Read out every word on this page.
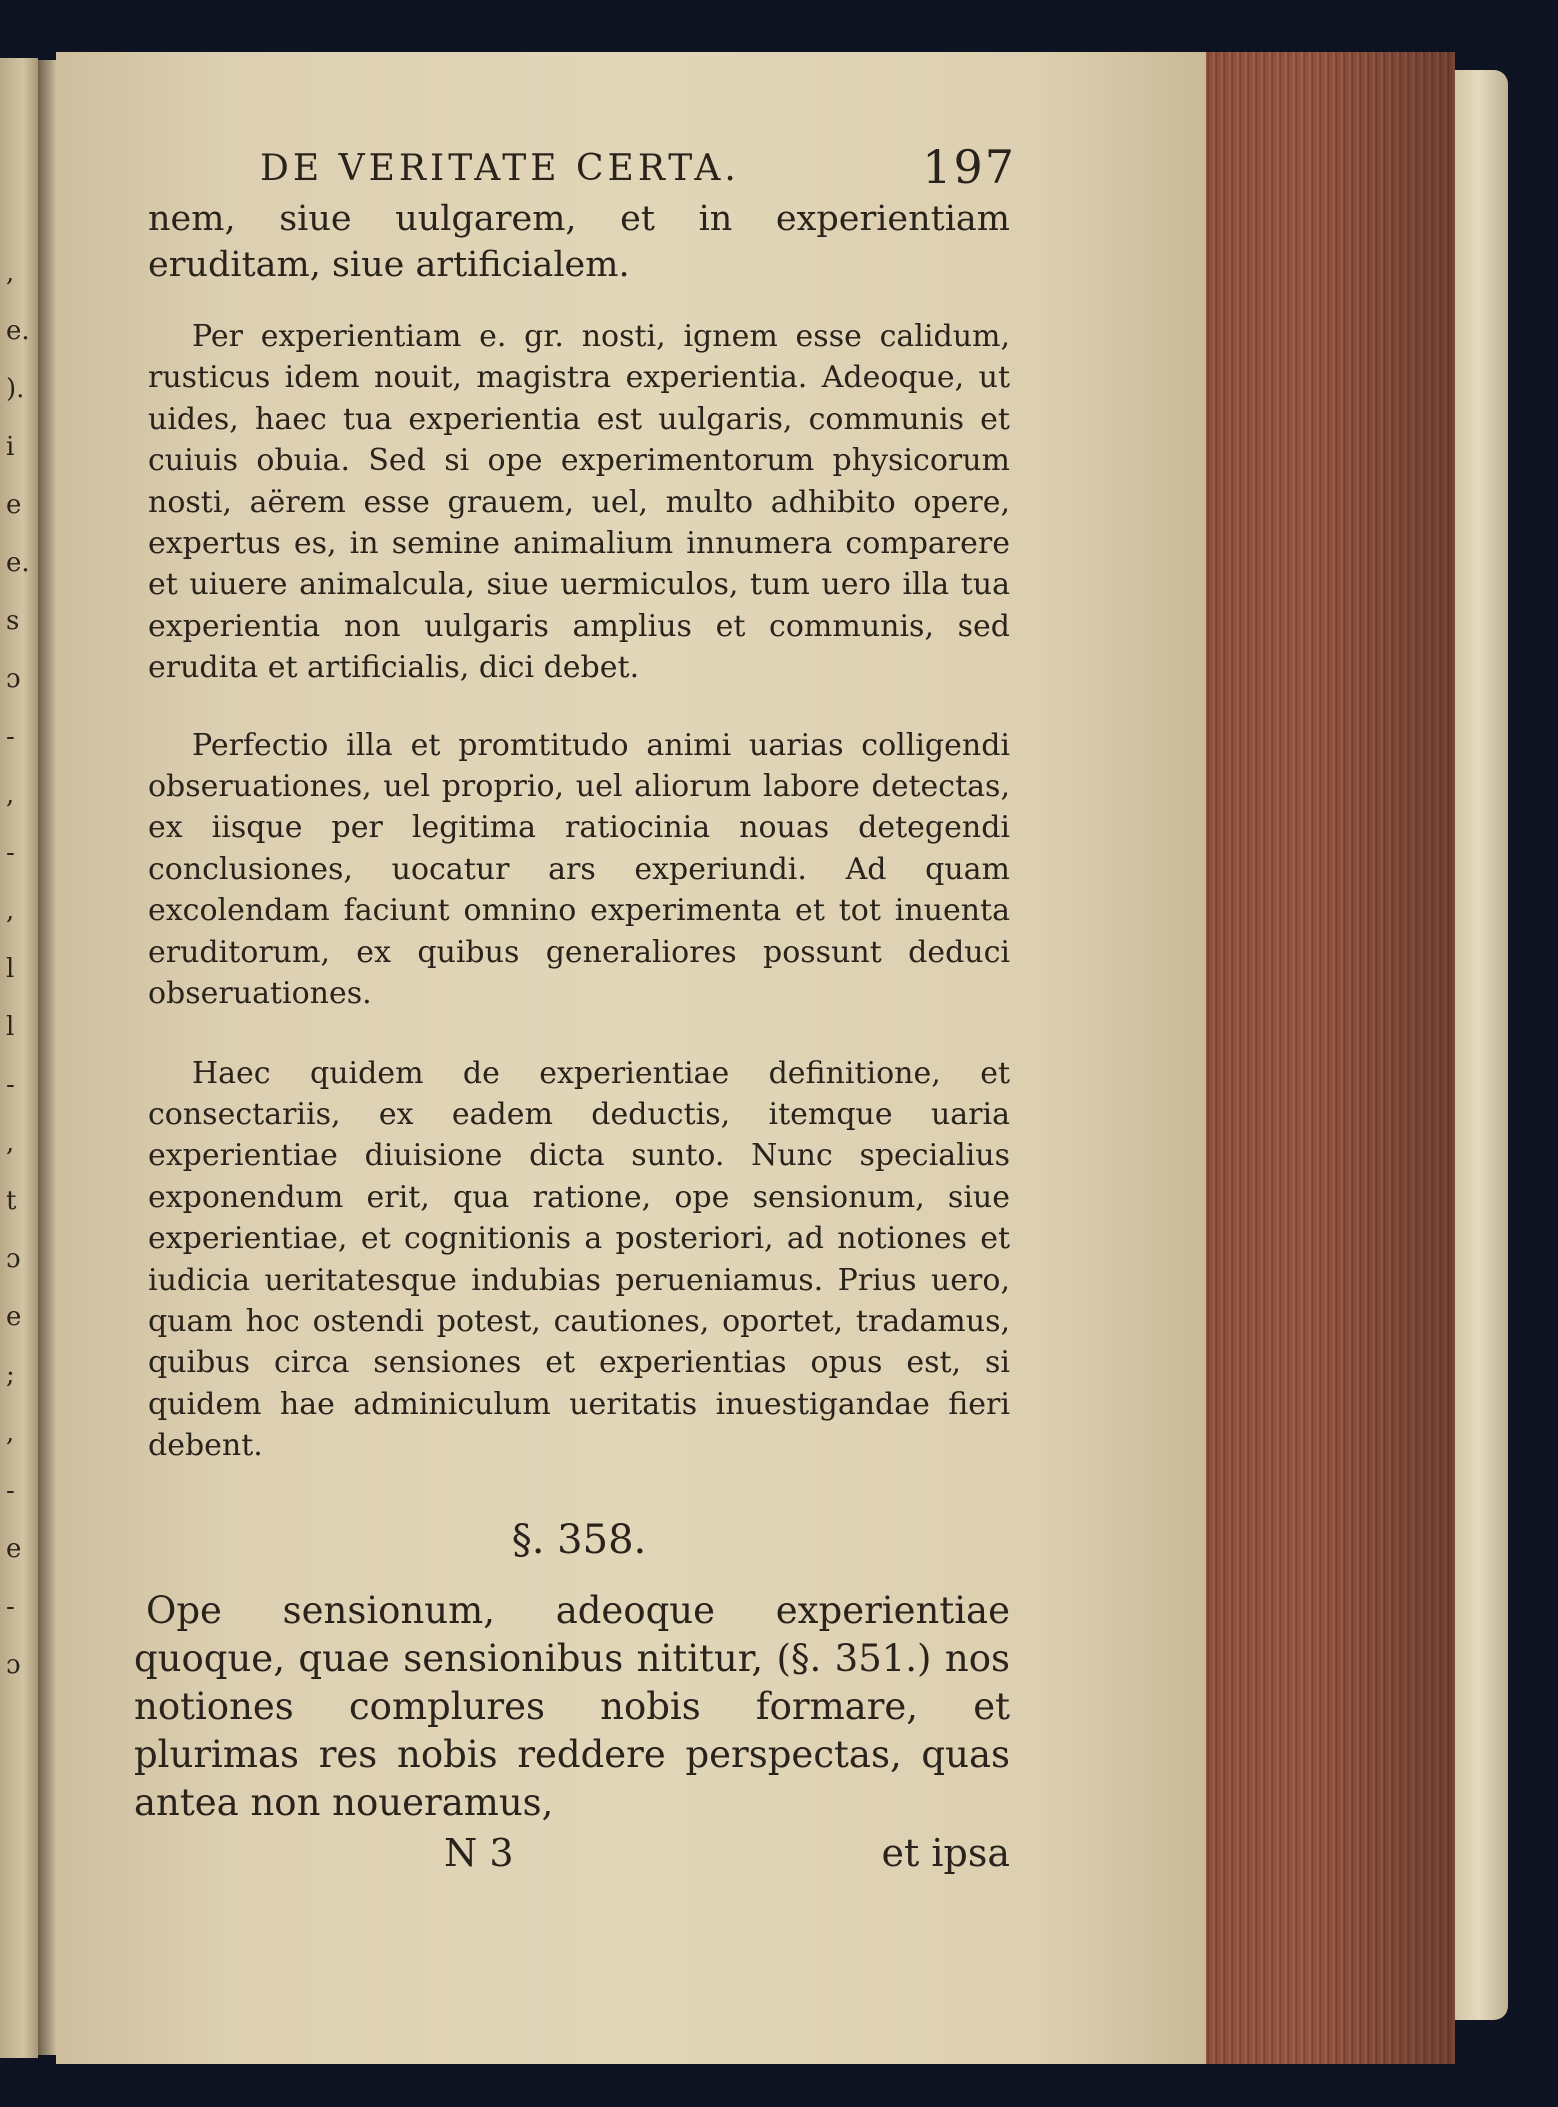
,
e.
).
i
e
e.
s
ɔ
-
,
-
,
l
l
-
,
t
ɔ
e
;
,
-
e
-
ɔ
DE VERITATE CERTA.	197

nem, siue uulgarem, et in experientiam eruditam, siue artificialem.

Per experientiam e. gr. nosti, ignem esse calidum, rusticus idem nouit, magistra experientia. Adeoque, ut uides, haec tua experientia est uulgaris, communis et cuiuis obuia. Sed si ope experimentorum physicorum nosti, aërem esse grauem, uel, multo adhibito opere, expertus es, in semine animalium innumera comparere et uiuere animalcula, siue uermiculos, tum uero illa tua experientia non uulgaris amplius et communis, sed erudita et artificialis, dici debet.

Perfectio illa et promtitudo animi uarias colligendi obseruationes, uel proprio, uel aliorum labore detectas, ex iisque per legitima ratiocinia nouas detegendi conclusiones, uocatur ars experiundi. Ad quam excolendam faciunt omnino experimenta et tot inuenta eruditorum, ex quibus generaliores possunt deduci obseruationes.

Haec quidem de experientiae definitione, et consectariis, ex eadem deductis, itemque uaria experientiae diuisione dicta sunto. Nunc specialius exponendum erit, qua ratione, ope sensionum, siue experientiae, et cognitionis a posteriori, ad notiones et iudicia ueritatesque indubias perueniamus. Prius uero, quam hoc ostendi potest, cautiones, oportet, tradamus, quibus circa sensiones et experientias opus est, si quidem hae adminiculum ueritatis inuestigandae fieri debent.

§. 358.

Ope sensionum, adeoque experientiae quoque, quae sensionibus nititur, (§. 351.) nos notiones complures nobis formare, et plurimas res nobis reddere perspectas, quas antea non noueramus,

N 3	et ipsa
